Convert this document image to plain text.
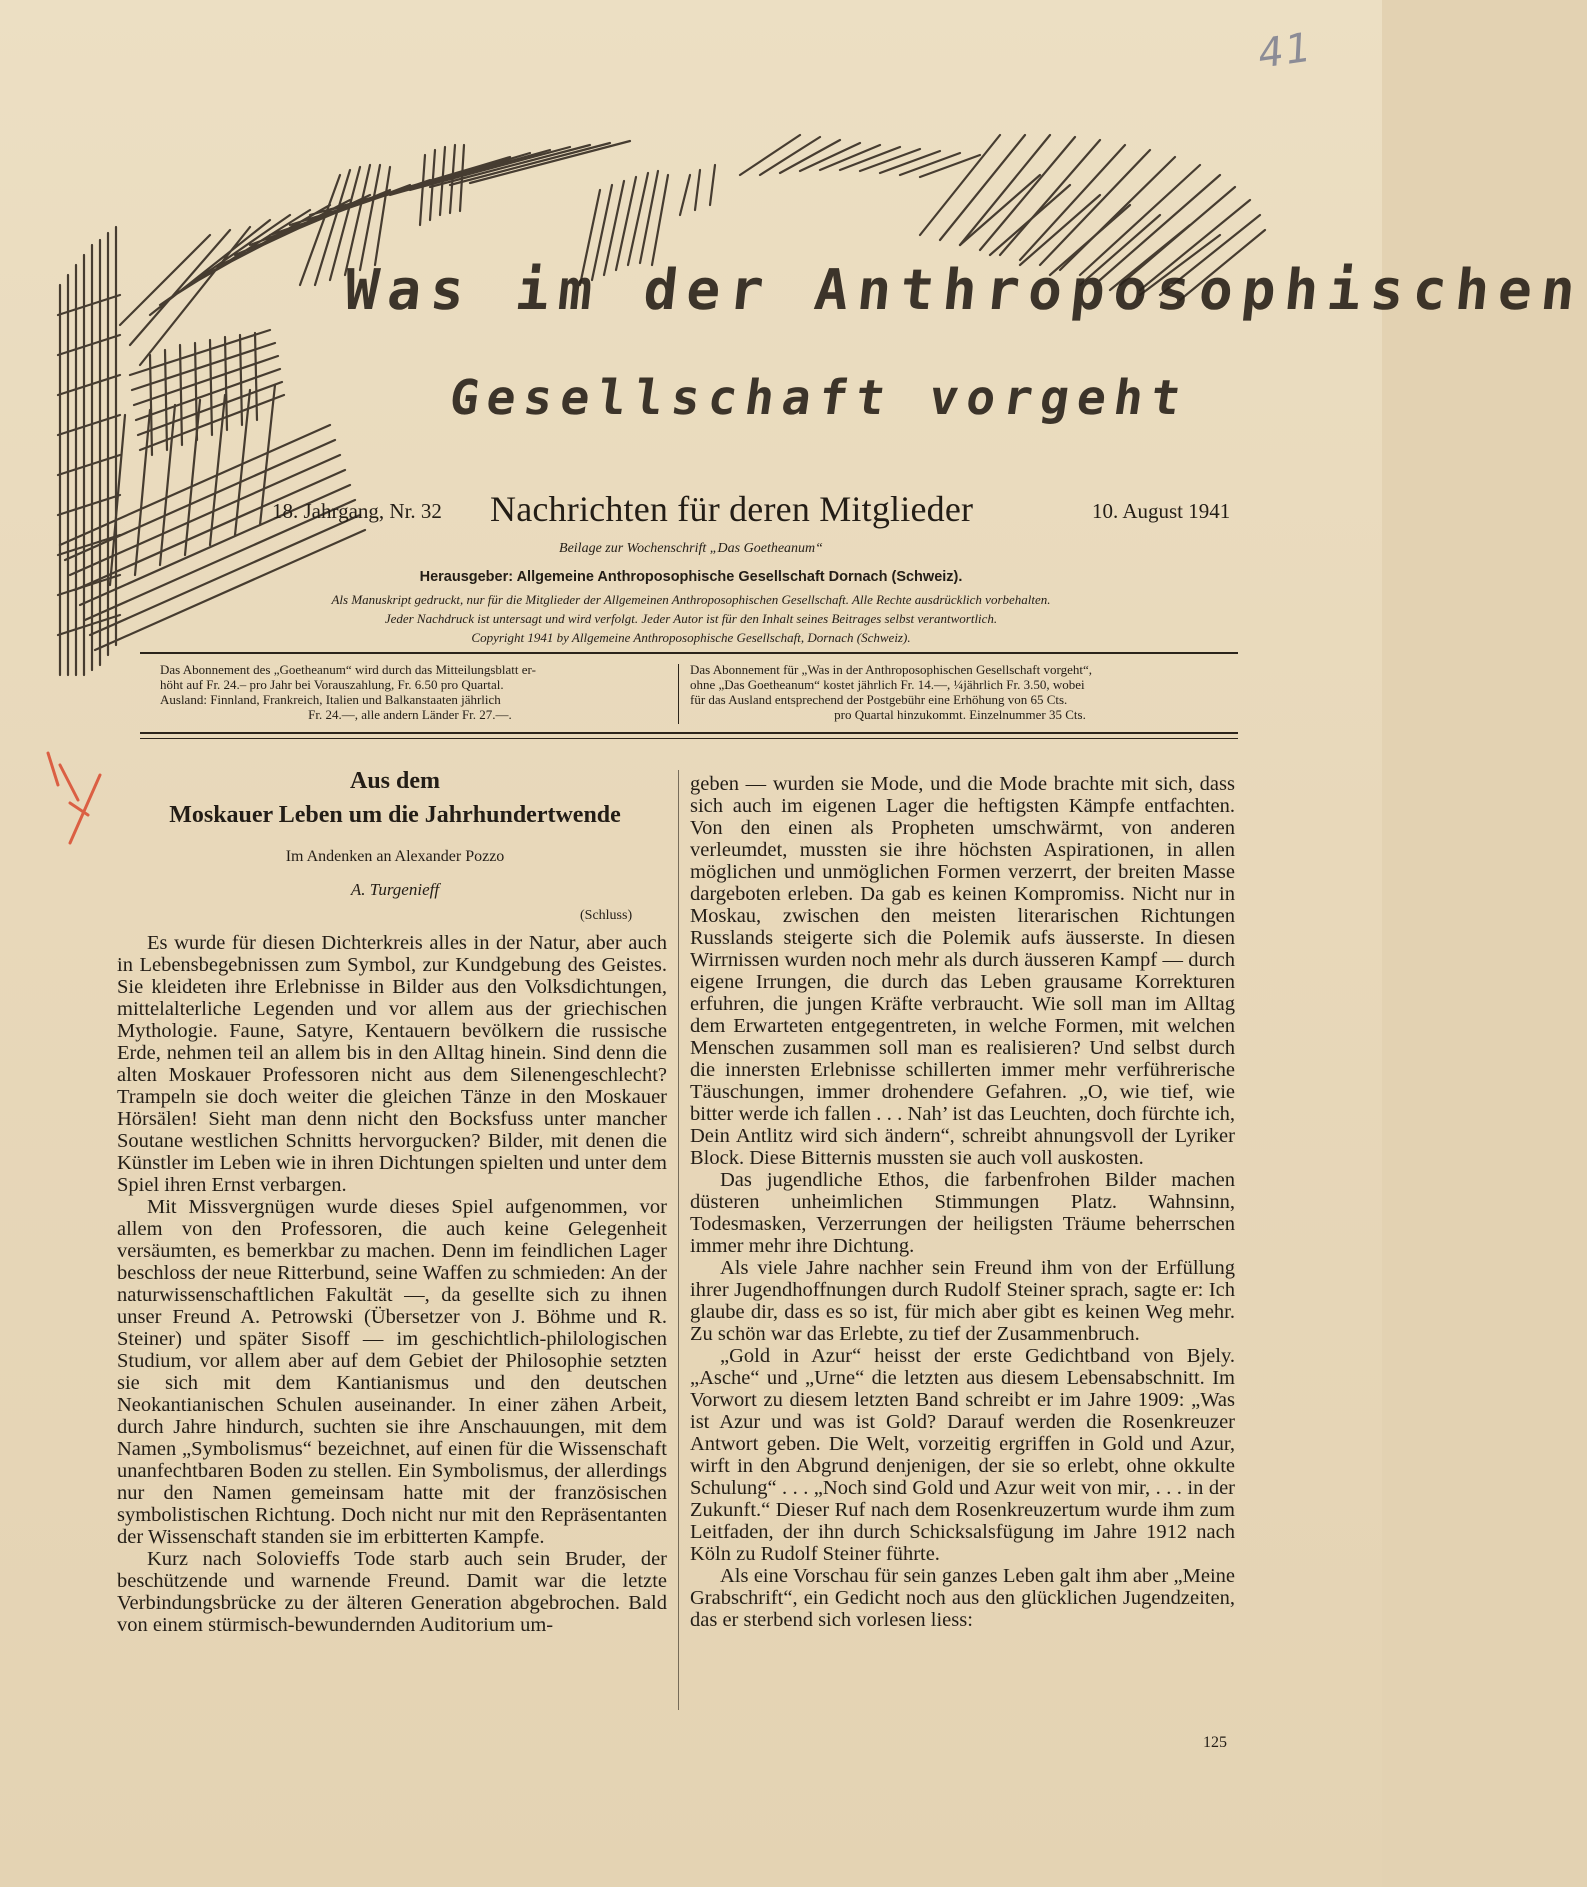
41
Was im der Anthroposophischen
Gesellschaft vorgeht
18. Jahrgang, Nr. 32 Nachrichten für deren Mitglieder	10. August 1941
Beilage zur Wochenschrift „Das Goetheanum“
Herausgeber: Allgemeine Anthroposophische Gesellschaft Dornach (Schweiz).
Als Manuskript gedruckt, nur für die Mitglieder der Allgemeinen Anthroposophischen Gesellschaft. Alle Rechte ausdrücklich vorbehalten.
Jeder Nachdruck ist untersagt und wird verfolgt. Jeder Autor ist für den Inhalt seines Beitrages selbst verantwortlich.
Copyright 1941 by Allgemeine Anthroposophische Gesellschaft, Dornach (Schweiz).
Das Abonnement des „Goetheanum“ wird durch das Mitteilungsblatt er-
höht auf Fr. 24.– pro Jahr bei Vorauszahlung, Fr. 6.50 pro Quartal.
Ausland: Finnland, Frankreich, Italien und Balkanstaaten jährlich
Fr. 24.—, alle andern Länder Fr. 27.—.
Das Abonnement für „Was in der Anthroposophischen Gesellschaft vorgeht“,
ohne „Das Goetheanum“ kostet jährlich Fr. 14.—, ¼jährlich Fr. 3.50, wobei
für das Ausland entsprechend der Postgebühr eine Erhöhung von 65 Cts.
pro Quartal hinzukommt. Einzelnummer 35 Cts.
Aus dem
Moskauer Leben um die Jahrhundertwende
Im Andenken an Alexander Pozzo
A. Turgenieff
(Schluss)

Es wurde für diesen Dichterkreis alles in der Natur, aber auch in Lebensbegebnissen zum Symbol, zur Kundgebung des Geistes. Sie kleideten ihre Erlebnisse in Bilder aus den Volksdichtungen, mittelalterliche Legenden und vor allem aus der griechischen Mythologie. Faune, Satyre, Kentauern bevölkern die russische Erde, nehmen teil an allem bis in den Alltag hinein. Sind denn die alten Moskauer Professoren nicht aus dem Silenengeschlecht? Trampeln sie doch weiter die gleichen Tänze in den Moskauer Hörsälen! Sieht man denn nicht den Bocksfuss unter mancher Soutane westlichen Schnitts hervorgucken? Bilder, mit denen die Künstler im Leben wie in ihren Dichtungen spielten und unter dem Spiel ihren Ernst verbargen.

Mit Missvergnügen wurde dieses Spiel aufgenommen, vor allem von den Professoren, die auch keine Gelegenheit versäumten, es bemerkbar zu machen. Denn im feindlichen Lager beschloss der neue Ritterbund, seine Waffen zu schmieden: An der naturwissenschaftlichen Fakultät —, da gesellte sich zu ihnen unser Freund A. Petrowski (Übersetzer von J. Böhme und R. Steiner) und später Sisoff — im geschichtlich-philologischen Studium, vor allem aber auf dem Gebiet der Philosophie setzten sie sich mit dem Kantianismus und den deutschen Neokantianischen Schulen auseinander. In einer zähen Arbeit, durch Jahre hindurch, suchten sie ihre Anschauungen, mit dem Namen „Symbolismus“ bezeichnet, auf einen für die Wissenschaft unanfechtbaren Boden zu stellen. Ein Symbolismus, der allerdings nur den Namen gemeinsam hatte mit der französischen symbolistischen Richtung. Doch nicht nur mit den Repräsentanten der Wissenschaft standen sie im erbitterten Kampfe.

Kurz nach Solovieffs Tode starb auch sein Bruder, der beschützende und warnende Freund. Damit war die letzte Verbindungsbrücke zu der älteren Generation abgebrochen. Bald von einem stürmisch-bewundernden Auditorium um-

geben — wurden sie Mode, und die Mode brachte mit sich, dass sich auch im eigenen Lager die heftigsten Kämpfe entfachten. Von den einen als Propheten umschwärmt, von anderen verleumdet, mussten sie ihre höchsten Aspirationen, in allen möglichen und unmöglichen Formen verzerrt, der breiten Masse dargeboten erleben. Da gab es keinen Kompromiss. Nicht nur in Moskau, zwischen den meisten literarischen Richtungen Russlands steigerte sich die Polemik aufs äusserste. In diesen Wirrnissen wurden noch mehr als durch äusseren Kampf — durch eigene Irrungen, die durch das Leben grausame Korrekturen erfuhren, die jungen Kräfte verbraucht. Wie soll man im Alltag dem Erwarteten entgegentreten, in welche Formen, mit welchen Menschen zusammen soll man es realisieren? Und selbst durch die innersten Erlebnisse schillerten immer mehr verführerische Täuschungen, immer drohendere Gefahren. „O, wie tief, wie bitter werde ich fallen . . . Nah’ ist das Leuchten, doch fürchte ich, Dein Antlitz wird sich ändern“, schreibt ahnungsvoll der Lyriker Block. Diese Bitternis mussten sie auch voll auskosten.

Das jugendliche Ethos, die farbenfrohen Bilder machen düsteren unheimlichen Stimmungen Platz. Wahnsinn, Todesmasken, Verzerrungen der heiligsten Träume beherrschen immer mehr ihre Dichtung.

Als viele Jahre nachher sein Freund ihm von der Erfüllung ihrer Jugendhoffnungen durch Rudolf Steiner sprach, sagte er: Ich glaube dir, dass es so ist, für mich aber gibt es keinen Weg mehr. Zu schön war das Erlebte, zu tief der Zusammenbruch.

„Gold in Azur“ heisst der erste Gedichtband von Bjely. „Asche“ und „Urne“ die letzten aus diesem Lebensabschnitt. Im Vorwort zu diesem letzten Band schreibt er im Jahre 1909: „Was ist Azur und was ist Gold? Darauf werden die Rosenkreuzer Antwort geben. Die Welt, vorzeitig ergriffen in Gold und Azur, wirft in den Abgrund denjenigen, der sie so erlebt, ohne okkulte Schulung“ . . . „Noch sind Gold und Azur weit von mir, . . . in der Zukunft.“ Dieser Ruf nach dem Rosenkreuzertum wurde ihm zum Leitfaden, der ihn durch Schicksalsfügung im Jahre 1912 nach Köln zu Rudolf Steiner führte.

Als eine Vorschau für sein ganzes Leben galt ihm aber „Meine Grabschrift“, ein Gedicht noch aus den glücklichen Jugendzeiten, das er sterbend sich vorlesen liess:

125
